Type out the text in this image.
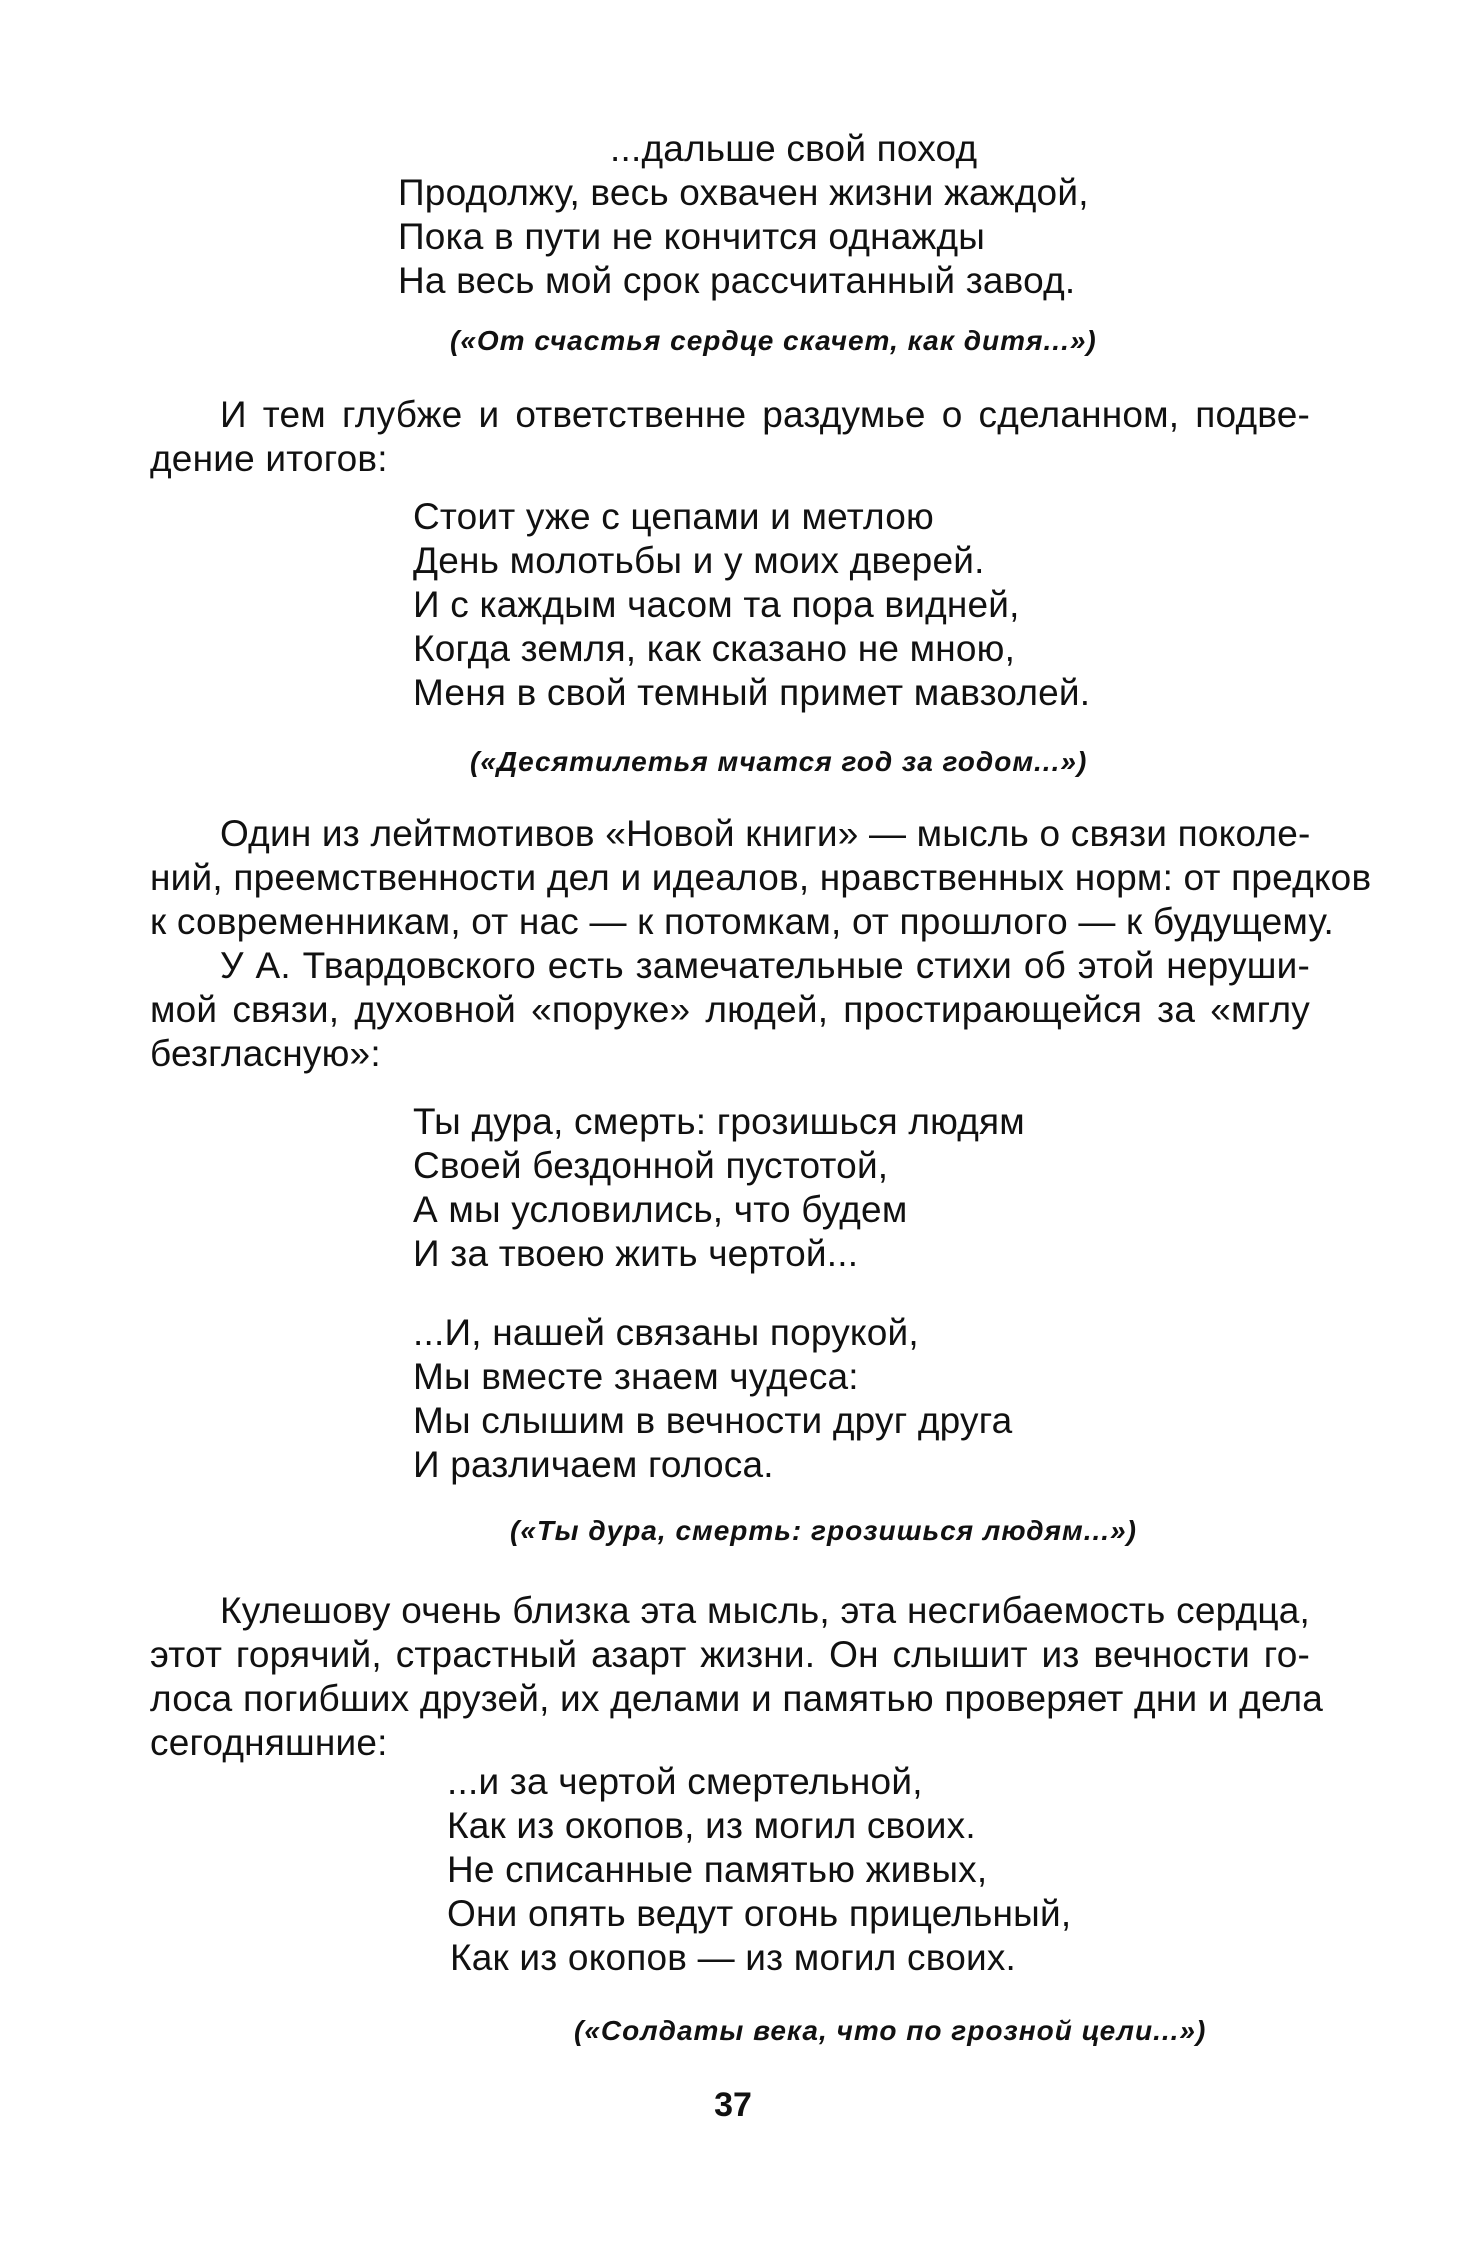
...дальше свой поход
Продолжу, весь охвачен жизни жаждой,
Пока в пути не кончится однажды
На весь мой срок рассчитанный завод.
(«От счастья сердце скачет, как дитя...»)
И тем глубже и ответственне раздумье о сделанном, подве-
дение итогов:
Стоит уже с цепами и метлою
День молотьбы и у моих дверей.
И с каждым часом та пора видней,
Когда земля, как сказано не мною,
Меня в свой темный примет мавзолей.
(«Десятилетья мчатся год за годом...»)
Один из лейтмотивов «Новой книги» — мысль о связи поколе-
ний, преемственности дел и идеалов, нравственных норм: от предков
к современникам, от нас — к потомкам, от прошлого — к будущему.
У А. Твардовского есть замечательные стихи об этой неруши-
мой связи, духовной «поруке» людей, простирающейся за «мглу
безгласную»:
Ты дура, смерть: грозишься людям
Своей бездонной пустотой,
А мы условились, что будем
И за твоею жить чертой...
...И, нашей связаны порукой,
Мы вместе знаем чудеса:
Мы слышим в вечности друг друга
И различаем голоса.
(«Ты дура, смерть: грозишься людям...»)
Кулешову очень близка эта мысль, эта несгибаемость сердца,
этот горячий, страстный азарт жизни. Он слышит из вечности го-
лоса погибших друзей, их делами и памятью проверяет дни и дела
сегодняшние:
...и за чертой смертельной,
Как из окопов, из могил своих.
Не списанные памятью живых,
Они опять ведут огонь прицельный,
Как из окопов — из могил своих.
(«Солдаты века, что по грозной цели...»)
37
